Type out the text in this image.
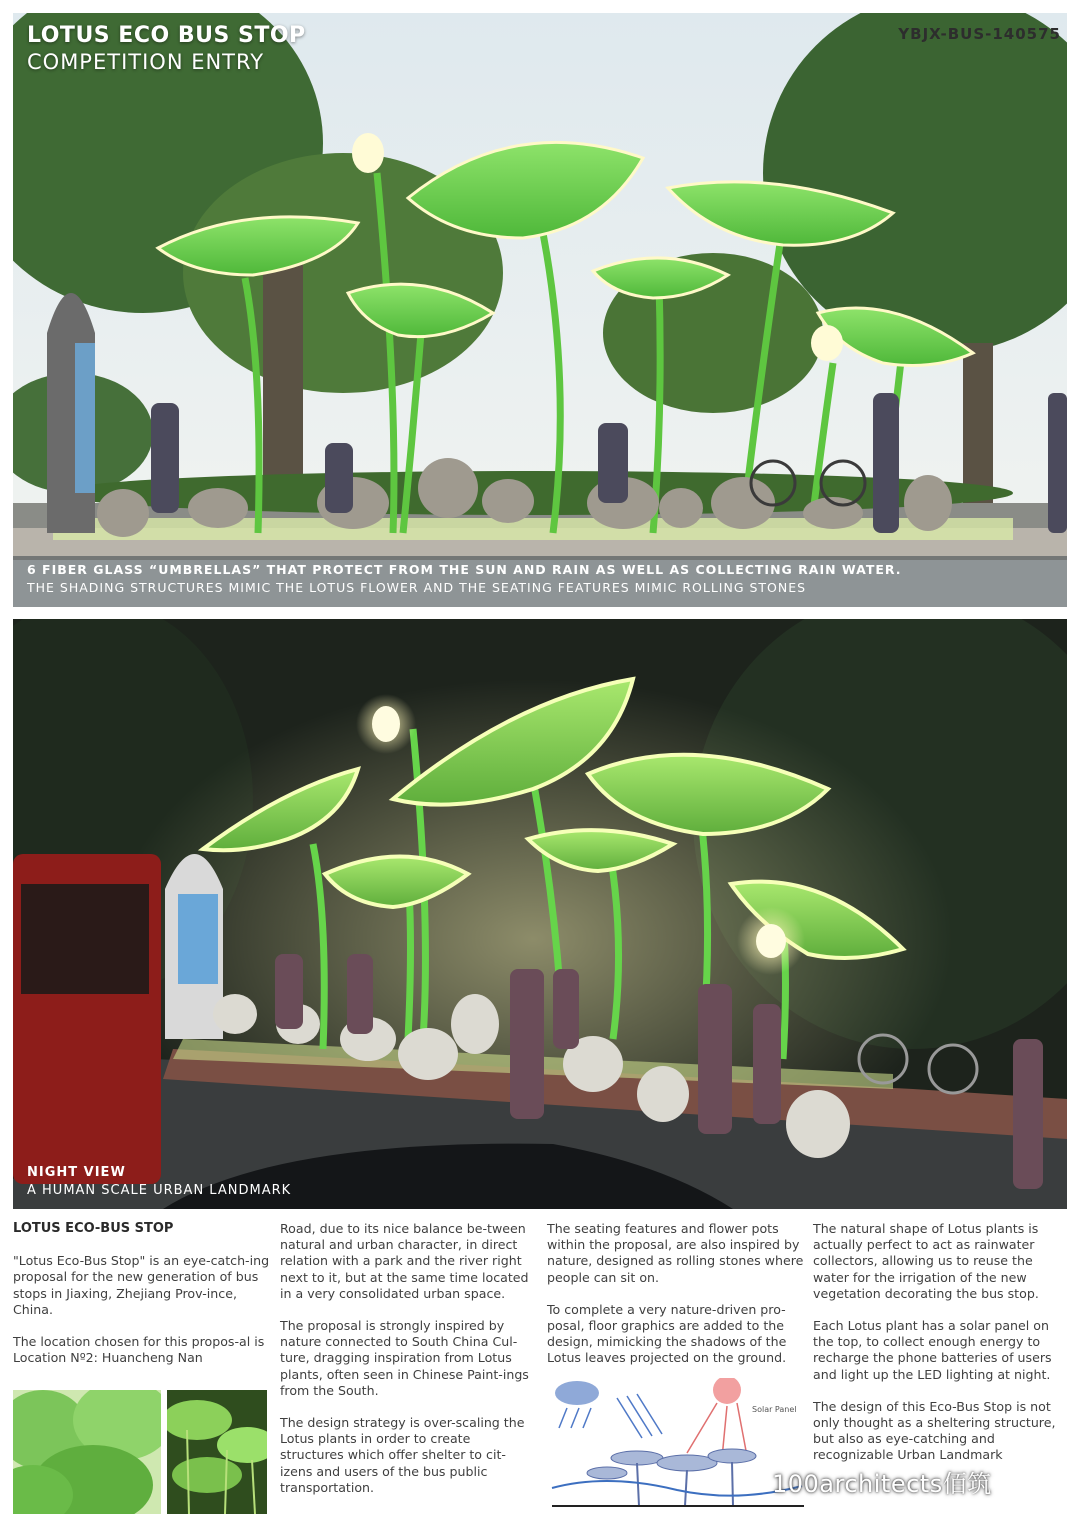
LOTUS ECO BUS STOP
COMPETITION ENTRY
YBJX-BUS-140575
6 FIBER GLASS “UMBRELLAS” THAT PROTECT FROM THE SUN AND RAIN AS WELL AS COLLECTING RAIN WATER.
THE SHADING STRUCTURES MIMIC THE LOTUS FLOWER AND THE SEATING FEATURES MIMIC ROLLING STONES
NIGHT VIEW
A HUMAN SCALE URBAN LANDMARK
LOTUS ECO-BUS STOP

"Lotus Eco-Bus Stop" is an eye-catch-ing proposal for the new generation of bus stops in Jiaxing, Zhejiang Prov-ince, China.

The location chosen for this propos-al is Location Nº2: Huancheng Nan

Road, due to its nice balance be-tween natural and urban character, in direct relation with a park and the river right next to it, but at the same time located in a very consolidated urban space.

The proposal is strongly inspired by nature connected to South China Cul-ture, dragging inspiration from Lotus plants, often seen in Chinese Paint-ings from the South.

The design strategy is over-scaling the Lotus plants in order to create structures which offer shelter to cit-izens and users of the bus public transportation.

The seating features and flower pots within the proposal, are also inspired by nature, designed as rolling stones where people can sit on.

To complete a very nature-driven pro-posal, floor graphics are added to the design, mimicking the shadows of the Lotus leaves projected on the ground.

The natural shape of Lotus plants is actually perfect to act as rainwater collectors, allowing us to reuse the water for the irrigation of the new vegetation decorating the bus stop.

Each Lotus plant has a solar panel on the top, to collect enough energy to recharge the phone batteries of users and light up the LED lighting at night.

The design of this Eco-Bus Stop is not only thought as a sheltering structure, but also as eye-catching and recognizable Urban Landmark

Solar Panel
100architects佰筑
